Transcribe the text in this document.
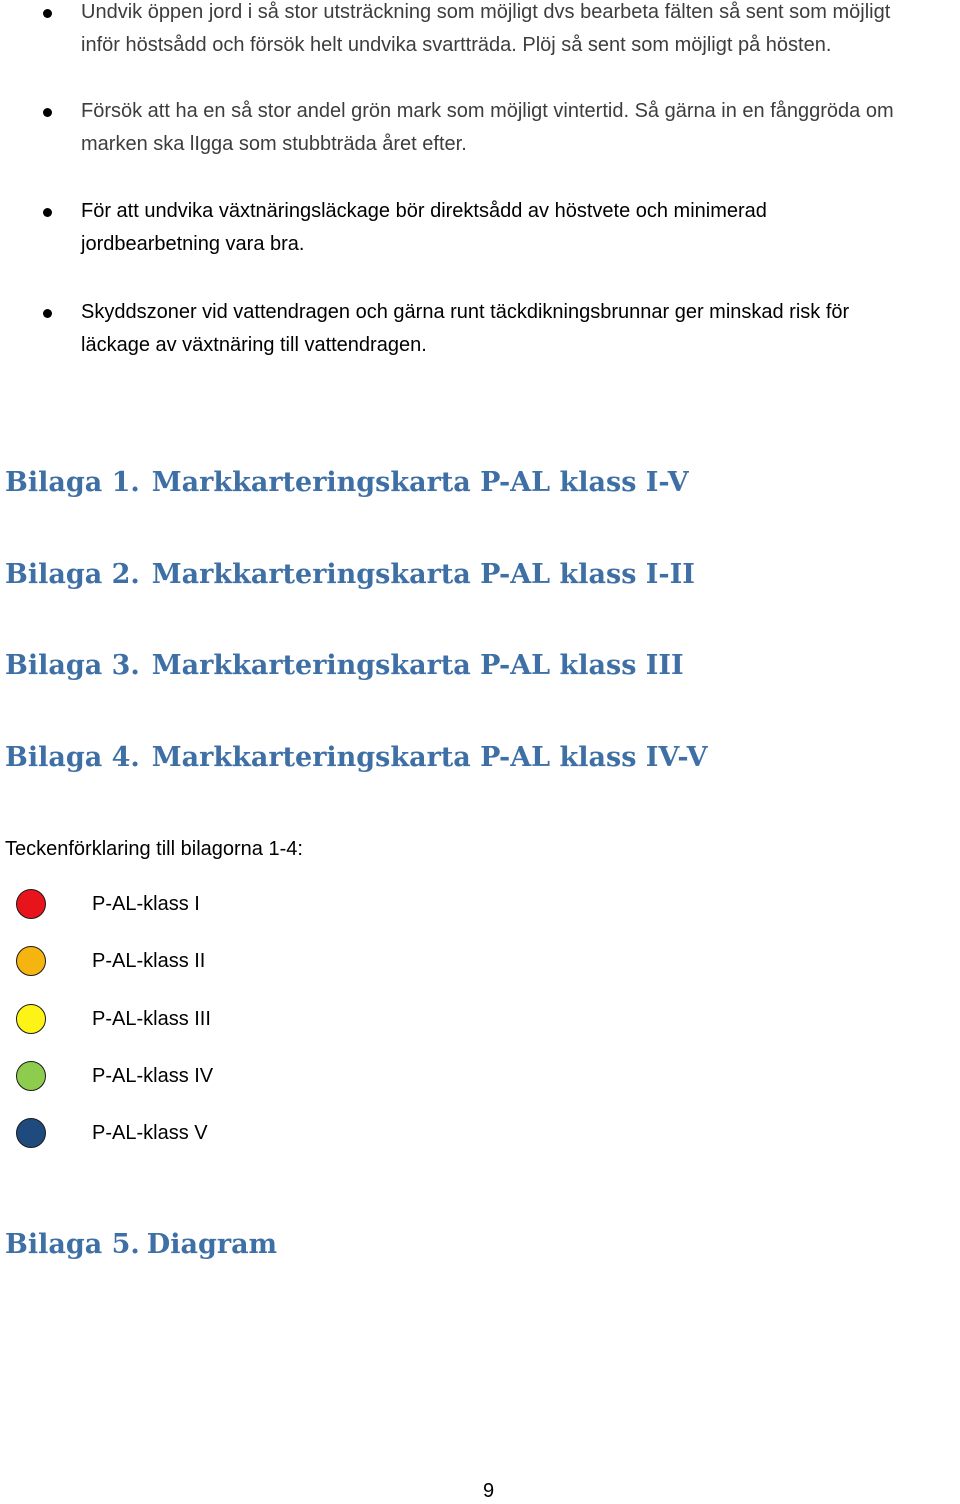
Undvik öppen jord i så stor utsträckning som möjligt dvs bearbeta fälten så sent som möjligt
inför höstsådd och försök helt undvika svartträda. Plöj så sent som möjligt på hösten.
Försök att ha en så stor andel grön mark som möjligt vintertid. Så gärna in en fånggröda om
marken ska lIgga som stubbträda året efter.
För att undvika växtnäringsläckage bör direktsådd av höstvete och minimerad
jordbearbetning vara bra.
Skyddszoner vid vattendragen och gärna runt täckdikningsbrunnar ger minskad risk för
läckage av växtnäring till vattendragen.
Bilaga 1. Markkarteringskarta P-AL klass I-V
Bilaga 2. Markkarteringskarta P-AL klass I-II
Bilaga 3. Markkarteringskarta P-AL klass III
Bilaga 4. Markkarteringskarta P-AL klass IV-V
Teckenförklaring till bilagorna 1-4:
P-AL-klass I
P-AL-klass II
P-AL-klass III
P-AL-klass IV
P-AL-klass V
Bilaga 5. Diagram
9
